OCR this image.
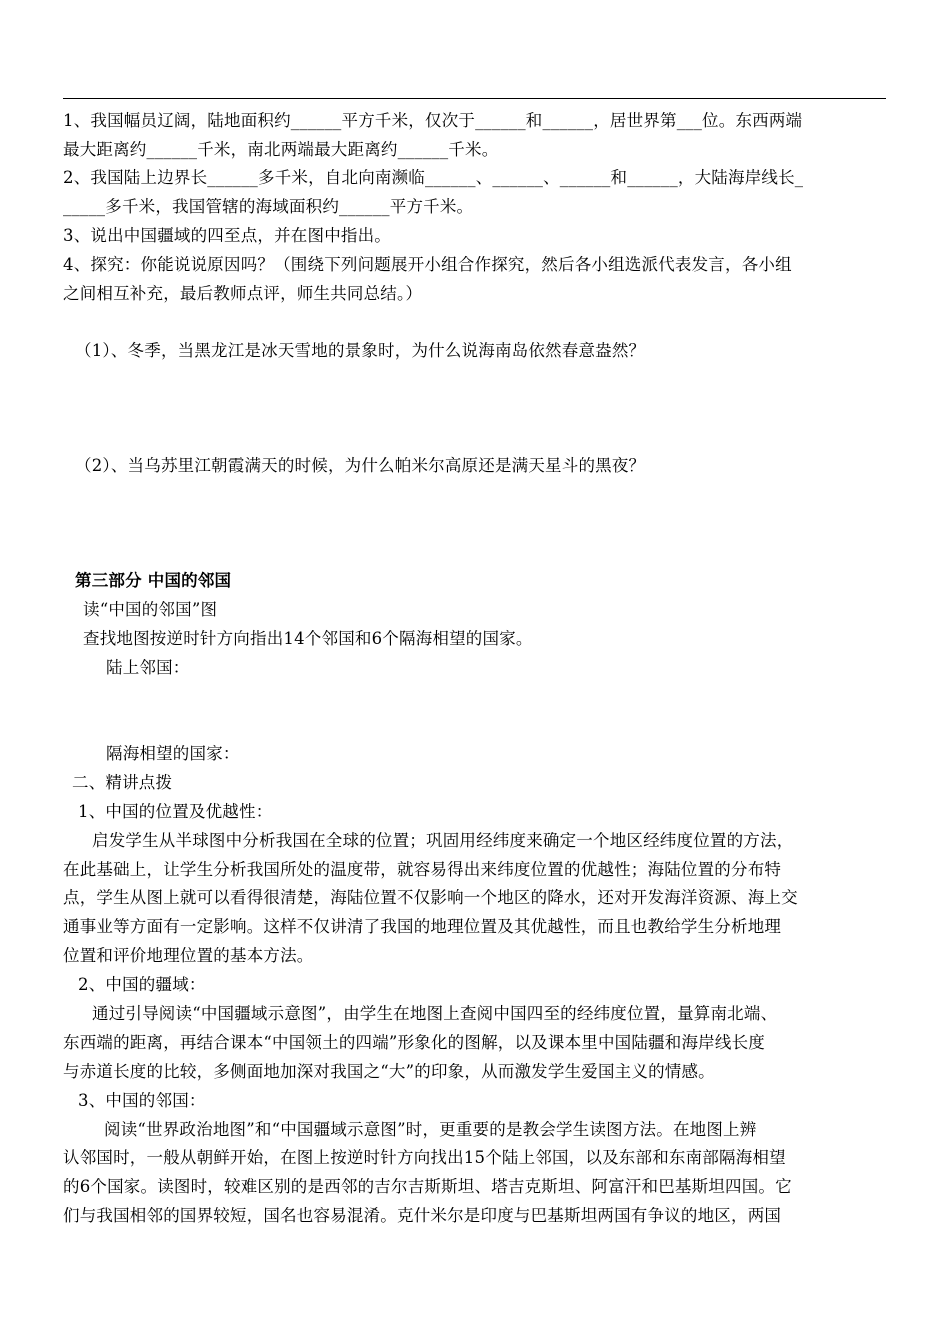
1、我国幅员辽阔，陆地面积约______平方千米，仅次于______和______，居世界第___位。东西两端
最大距离约______千米，南北两端最大距离约______千米。
2、我国陆上边界长______多千米，自北向南濒临______、______、______和______，大陆海岸线长_
_____多千米，我国管辖的海域面积约______平方千米。
3、说出中国疆域的四至点，并在图中指出。
4、探究：你能说说原因吗？（围绕下列问题展开小组合作探究，然后各小组选派代表发言，各小组
之间相互补充，最后教师点评，师生共同总结。）
（1）、冬季，当黑龙江是冰天雪地的景象时，为什么说海南岛依然春意盎然？
（2）、当乌苏里江朝霞满天的时候，为什么帕米尔高原还是满天星斗的黑夜？
第三部分 中国的邻国
读“中国的邻国”图
查找地图按逆时针方向指出14个邻国和6个隔海相望的国家。
陆上邻国：
隔海相望的国家：
二、精讲点拨
1、中国的位置及优越性：
启发学生从半球图中分析我国在全球的位置；巩固用经纬度来确定一个地区经纬度位置的方法，
在此基础上，让学生分析我国所处的温度带，就容易得出来纬度位置的优越性；海陆位置的分布特
点，学生从图上就可以看得很清楚，海陆位置不仅影响一个地区的降水，还对开发海洋资源、海上交
通事业等方面有一定影响。这样不仅讲清了我国的地理位置及其优越性，而且也教给学生分析地理
位置和评价地理位置的基本方法。
2、中国的疆域：
通过引导阅读“中国疆域示意图”，由学生在地图上查阅中国四至的经纬度位置，量算南北端、
东西端的距离，再结合课本“中国领土的四端”形象化的图解，以及课本里中国陆疆和海岸线长度
与赤道长度的比较，多侧面地加深对我国之“大”的印象，从而激发学生爱国主义的情感。
3、中国的邻国：
阅读“世界政治地图”和“中国疆域示意图”时，更重要的是教会学生读图方法。在地图上辨
认邻国时，一般从朝鲜开始，在图上按逆时针方向找出15个陆上邻国，以及东部和东南部隔海相望
的6个国家。读图时，较难区别的是西邻的吉尔吉斯斯坦、塔吉克斯坦、阿富汗和巴基斯坦四国。它
们与我国相邻的国界较短，国名也容易混淆。克什米尔是印度与巴基斯坦两国有争议的地区，两国
